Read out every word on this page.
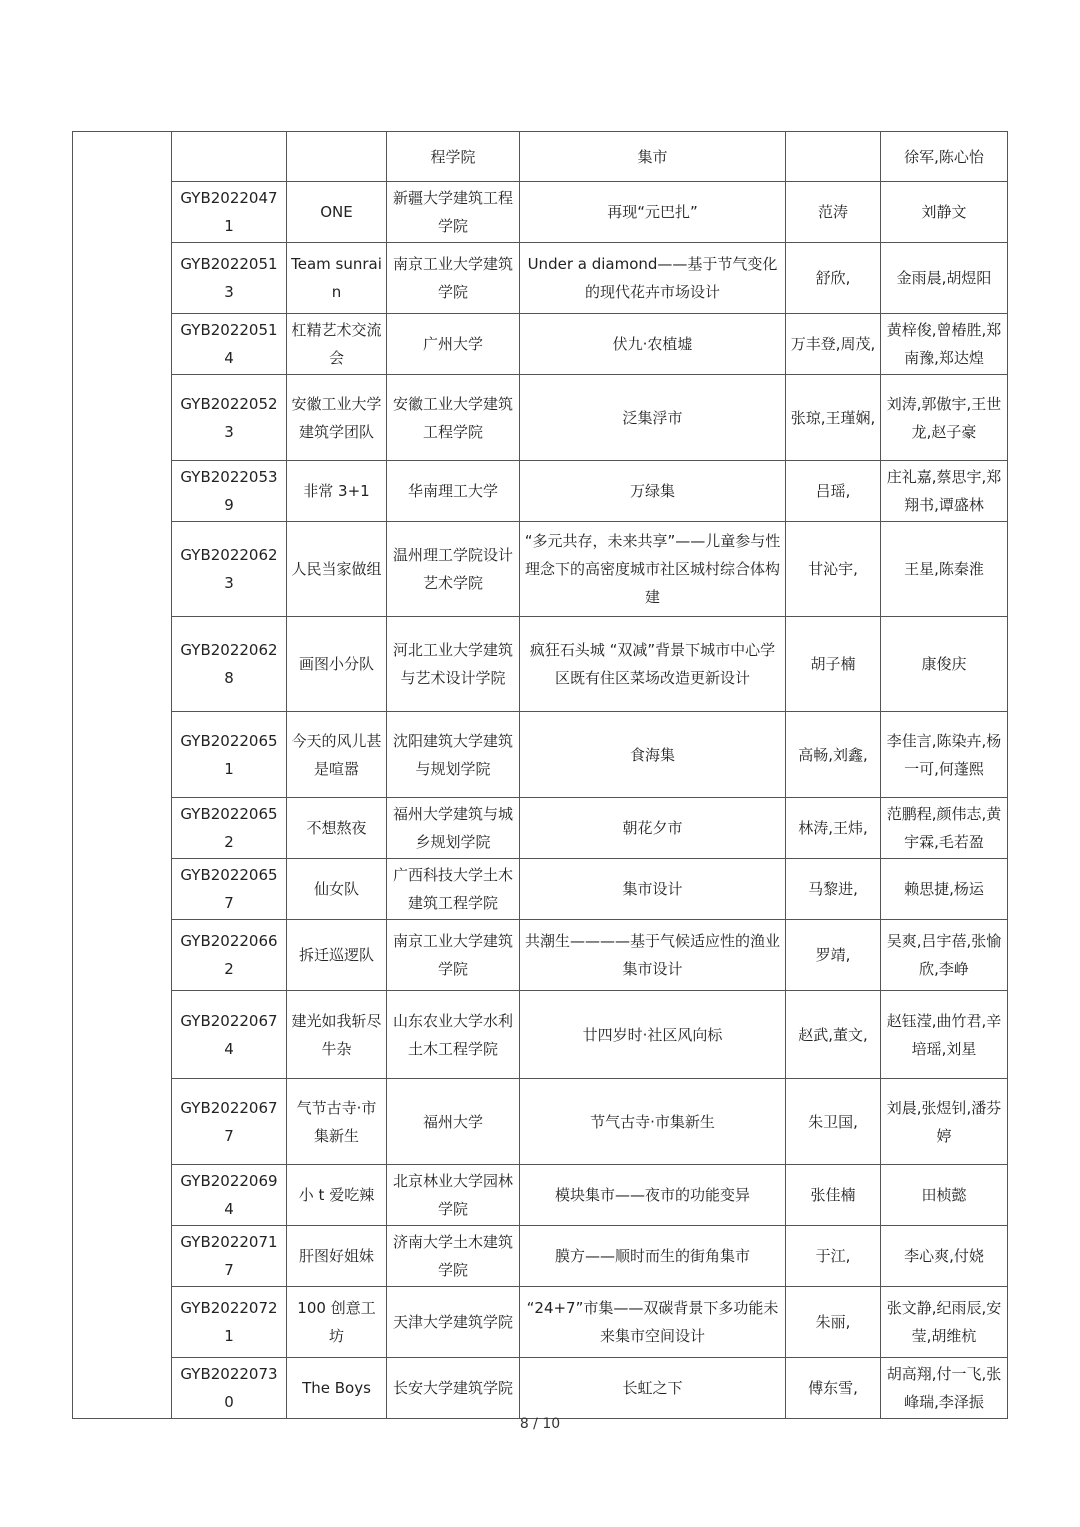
			程学院	集市		徐军,陈心怡
	GYB20220471	ONE	新疆大学建筑工程学院	再现“元巴扎”	范涛	刘静文
	GYB20220513	Team sunrain	南京工业大学建筑学院	Under a diamond——基于节气变化的现代花卉市场设计	舒欣,	金雨晨,胡煜阳
	GYB20220514	杠精艺术交流会	广州大学	伏九·农植墟	万丰登,周茂,	黄梓俊,曾椿胜,郑南豫,郑达煌
	GYB20220523	安徽工业大学建筑学团队	安徽工业大学建筑工程学院	泛集浮市	张琼,王瑾娴,	刘涛,郭傲宇,王世龙,赵子豪
	GYB20220539	非常 3+1	华南理工大学	万绿集	吕瑶,	庄礼嘉,蔡思宇,郑翔书,谭盛林
	GYB20220623	人民当家做组	温州理工学院设计艺术学院	“多元共存，未来共享”——儿童参与性理念下的高密度城市社区城村综合体构建	甘沁宇,	王星,陈秦淮
	GYB20220628	画图小分队	河北工业大学建筑与艺术设计学院	疯狂石头城 “双减”背景下城市中心学区既有住区菜场改造更新设计	胡子楠	康俊庆
	GYB20220651	今天的风儿甚是喧嚣	沈阳建筑大学建筑与规划学院	食海集	高畅,刘鑫,	李佳言,陈染卉,杨一可,何蓬熙
	GYB20220652	不想熬夜	福州大学建筑与城乡规划学院	朝花夕市	林涛,王炜,	范鹏程,颜伟志,黄宇霖,毛若盈
	GYB20220657	仙女队	广西科技大学土木建筑工程学院	集市设计	马黎进,	赖思捷,杨运
	GYB20220662	拆迁巡逻队	南京工业大学建筑学院	共潮生————基于气候适应性的渔业集市设计	罗靖,	吴爽,吕宇蓓,张愉欣,李峥
	GYB20220674	建光如我斩尽牛杂	山东农业大学水利土木工程学院	廿四岁时·社区风向标	赵武,董文,	赵钰滢,曲竹君,辛培瑶,刘星
	GYB20220677	气节古寺·市集新生	福州大学	节气古寺·市集新生	朱卫国,	刘晨,张煜钊,潘芬婷
	GYB20220694	小 t 爱吃辣	北京林业大学园林学院	模块集市——夜市的功能变异	张佳楠	田桢懿
	GYB20220717	肝图好姐妹	济南大学土木建筑学院	膜方——顺时而生的街角集市	于江,	李心爽,付娆
	GYB20220721	100 创意工坊	天津大学建筑学院	“24+7”市集——双碳背景下多功能未来集市空间设计	朱丽,	张文静,纪雨辰,安莹,胡维杭
	GYB20220730	The Boys	长安大学建筑学院	长虹之下	傅东雪,	胡高翔,付一飞,张峰瑞,李泽振
8 / 10
